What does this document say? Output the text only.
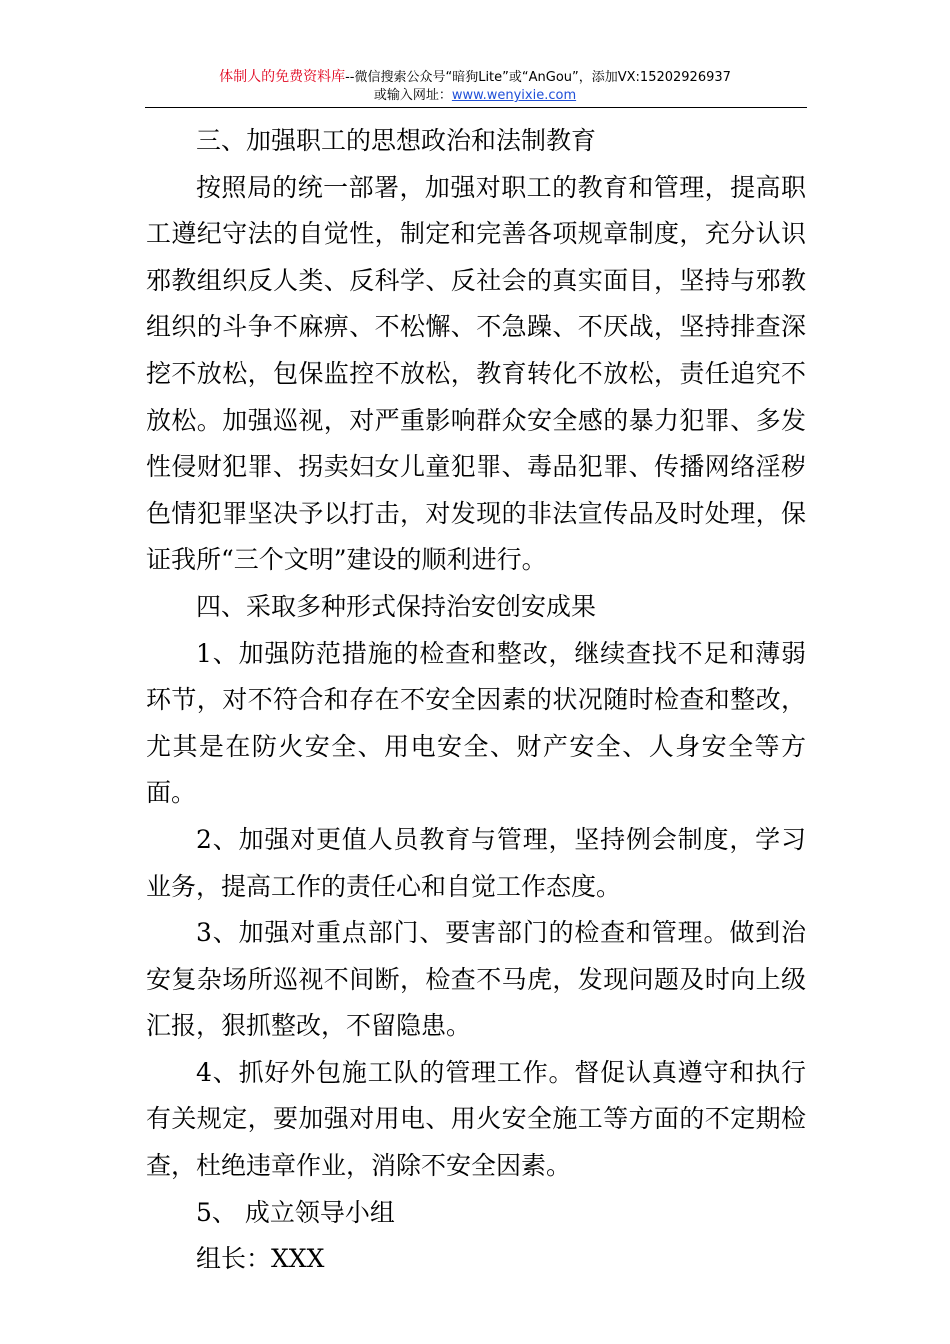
体制人的免费资料库--微信搜索公众号“暗狗Lite”或“AnGou”，添加VX:15202926937
或输入网址：www.wenyixie.com

三、加强职工的思想政治和法制教育

按照局的统一部署，加强对职工的教育和管理，提高职工遵纪守法的自觉性，制定和完善各项规章制度，充分认识邪教组织反人类、反科学、反社会的真实面目，坚持与邪教组织的斗争不麻痹、不松懈、不急躁、不厌战，坚持排查深挖不放松，包保监控不放松，教育转化不放松，责任追究不放松。加强巡视，对严重影响群众安全感的暴力犯罪、多发性侵财犯罪、拐卖妇女儿童犯罪、毒品犯罪、传播网络淫秽色情犯罪坚决予以打击，对发现的非法宣传品及时处理，保证我所“三个文明”建设的顺利进行。

四、采取多种形式保持治安创安成果

1、加强防范措施的检查和整改，继续查找不足和薄弱环节，对不符合和存在不安全因素的状况随时检查和整改，尤其是在防火安全、用电安全、财产安全、人身安全等方面。

2、加强对更值人员教育与管理，坚持例会制度，学习业务，提高工作的责任心和自觉工作态度。

3、加强对重点部门、要害部门的检查和管理。做到治安复杂场所巡视不间断，检查不马虎，发现问题及时向上级汇报，狠抓整改，不留隐患。

4、抓好外包施工队的管理工作。督促认真遵守和执行有关规定，要加强对用电、用火安全施工等方面的不定期检查，杜绝违章作业，消除不安全因素。

5、 成立领导小组

组长：XXX
